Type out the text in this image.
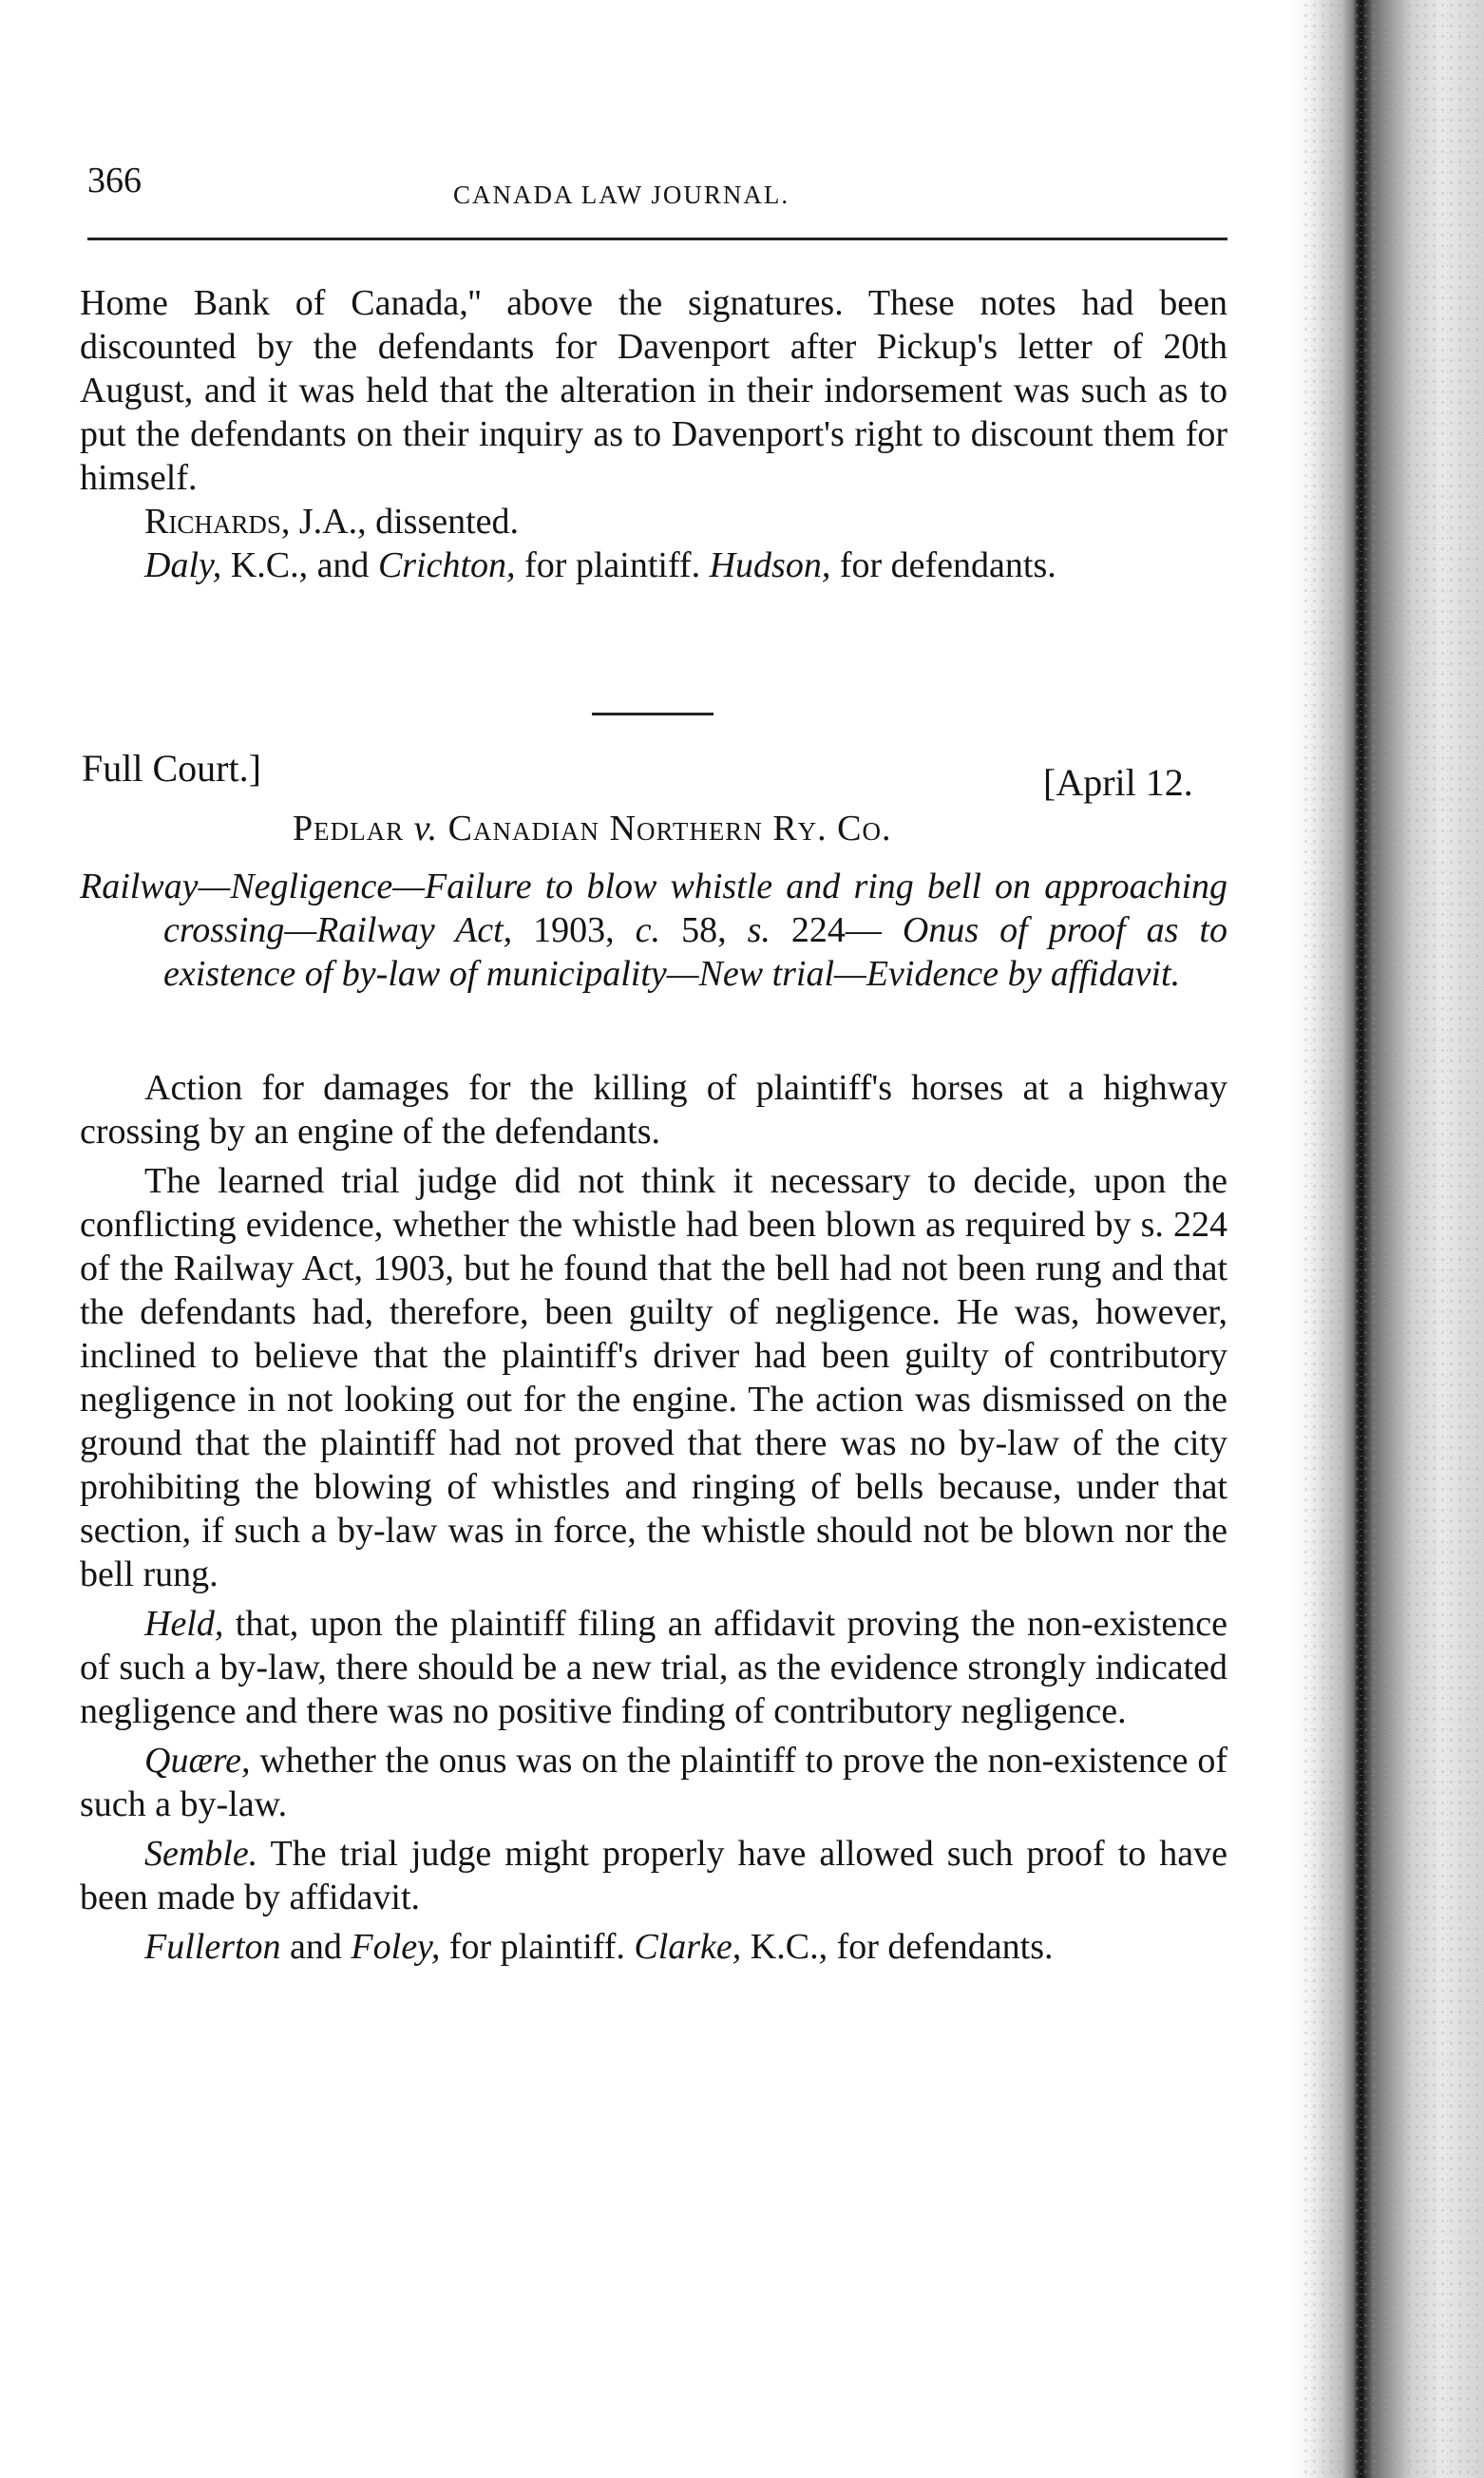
366	CANADA LAW JOURNAL.

Home Bank of Canada,'' above the signatures. These notes had been discounted by the defendants for Davenport after Pickup's letter of 20th August, and it was held that the alteration in their indorsement was such as to put the defendants on their inquiry as to Davenport's right to discount them for himself.

Richards, J.A., dissented.

Daly, K.C., and Crichton, for plaintiff. Hudson, for defendants.

Full Court.]	[April 12.
Pedlar v. Canadian Northern Ry. Co.

Railway—Negligence—Failure to blow whistle and ring bell on approaching crossing—Railway Act, 1903, c. 58, s. 224— Onus of proof as to existence of by-law of municipality—New trial—Evidence by affidavit.

Action for damages for the killing of plaintiff's horses at a highway crossing by an engine of the defendants.

The learned trial judge did not think it necessary to decide, upon the conflicting evidence, whether the whistle had been blown as required by s. 224 of the Railway Act, 1903, but he found that the bell had not been rung and that the defendants had, therefore, been guilty of negligence. He was, however, inclined to believe that the plaintiff's driver had been guilty of contributory negligence in not looking out for the engine. The action was dismissed on the ground that the plaintiff had not proved that there was no by-law of the city prohibiting the blowing of whistles and ringing of bells because, under that section, if such a by-law was in force, the whistle should not be blown nor the bell rung.

Held, that, upon the plaintiff filing an affidavit proving the non-existence of such a by-law, there should be a new trial, as the evidence strongly indicated negligence and there was no positive finding of contributory negligence.

Quære, whether the onus was on the plaintiff to prove the non-existence of such a by-law.

Semble. The trial judge might properly have allowed such proof to have been made by affidavit.

Fullerton and Foley, for plaintiff. Clarke, K.C., for defendants.
